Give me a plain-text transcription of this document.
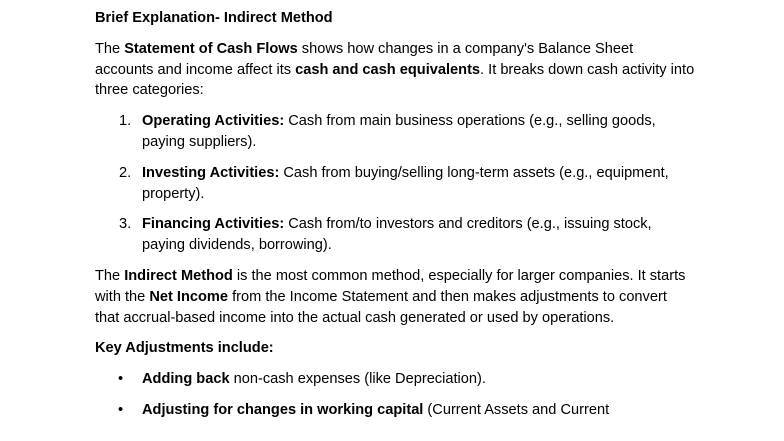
Brief Explanation- Indirect Method

The Statement of Cash Flows shows how changes in a company's Balance Sheet accounts and income affect its cash and cash equivalents. It breaks down cash activity into three categories:

1. Operating Activities: Cash from main business operations (e.g., selling goods, paying suppliers).
2. Investing Activities: Cash from buying/selling long-term assets (e.g., equipment, property).
3. Financing Activities: Cash from/to investors and creditors (e.g., issuing stock, paying dividends, borrowing).

The Indirect Method is the most common method, especially for larger companies. It starts with the Net Income from the Income Statement and then makes adjustments to convert that accrual-based income into the actual cash generated or used by operations.

Key Adjustments include:
• Adding back non-cash expenses (like Depreciation).
• Adjusting for changes in working capital (Current Assets and Current
